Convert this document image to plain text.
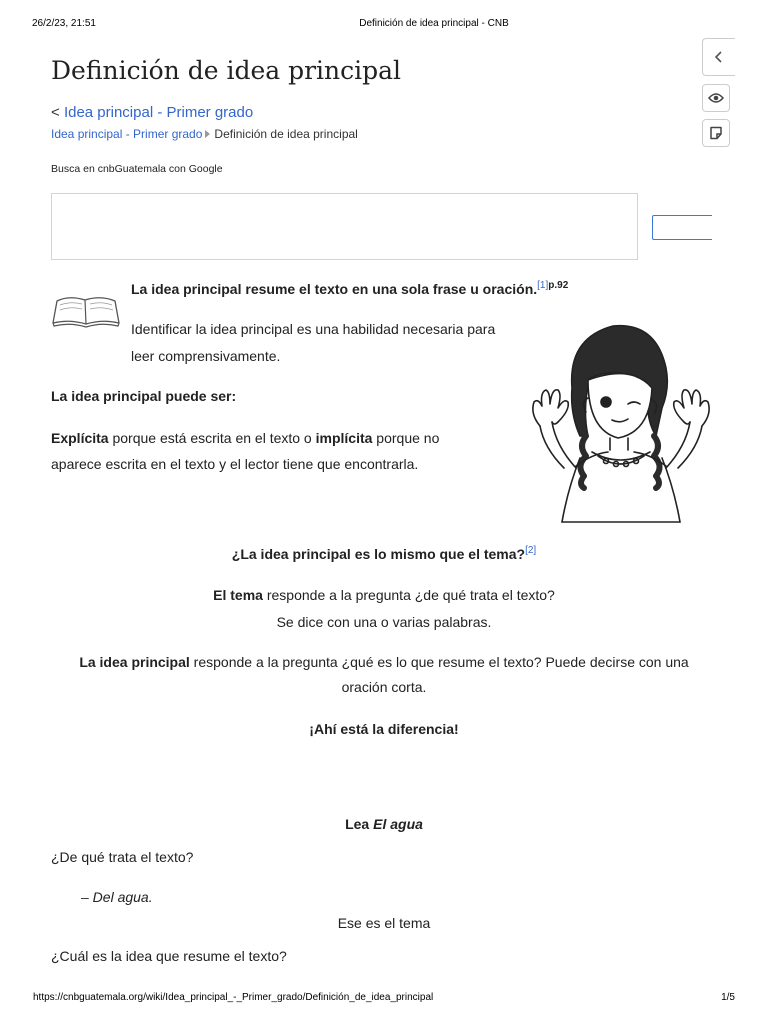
26/2/23, 21:51	Definición de idea principal - CNB
Definición de idea principal
< Idea principal - Primer grado
Idea principal - Primer grado Definición de idea principal
Busca en cnbGuatemala con Google
La idea principal resume el texto en una sola frase u oración.$^{[1]p.92}$
Identificar la idea principal es una habilidad necesaria para
leer comprensivamente.
La idea principal puede ser:
Explícita porque está escrita en el texto o implícita porque no
aparece escrita en el texto y el lector tiene que encontrarla.
¿La idea principal es lo mismo que el tema?[2]
El tema responde a la pregunta ¿de qué trata el texto?
Se dice con una o varias palabras.
La idea principal responde a la pregunta ¿qué es lo que resume el texto? Puede decirse con una
oración corta.
¡Ahí está la diferencia!
Lea El agua
¿De qué trata el texto?
– Del agua.
Ese es el tema
¿Cuál es la idea que resume el texto?
https://cnbguatemala.org/wiki/Idea_principal_-_Primer_grado/Definición_de_idea_principal	1/5
